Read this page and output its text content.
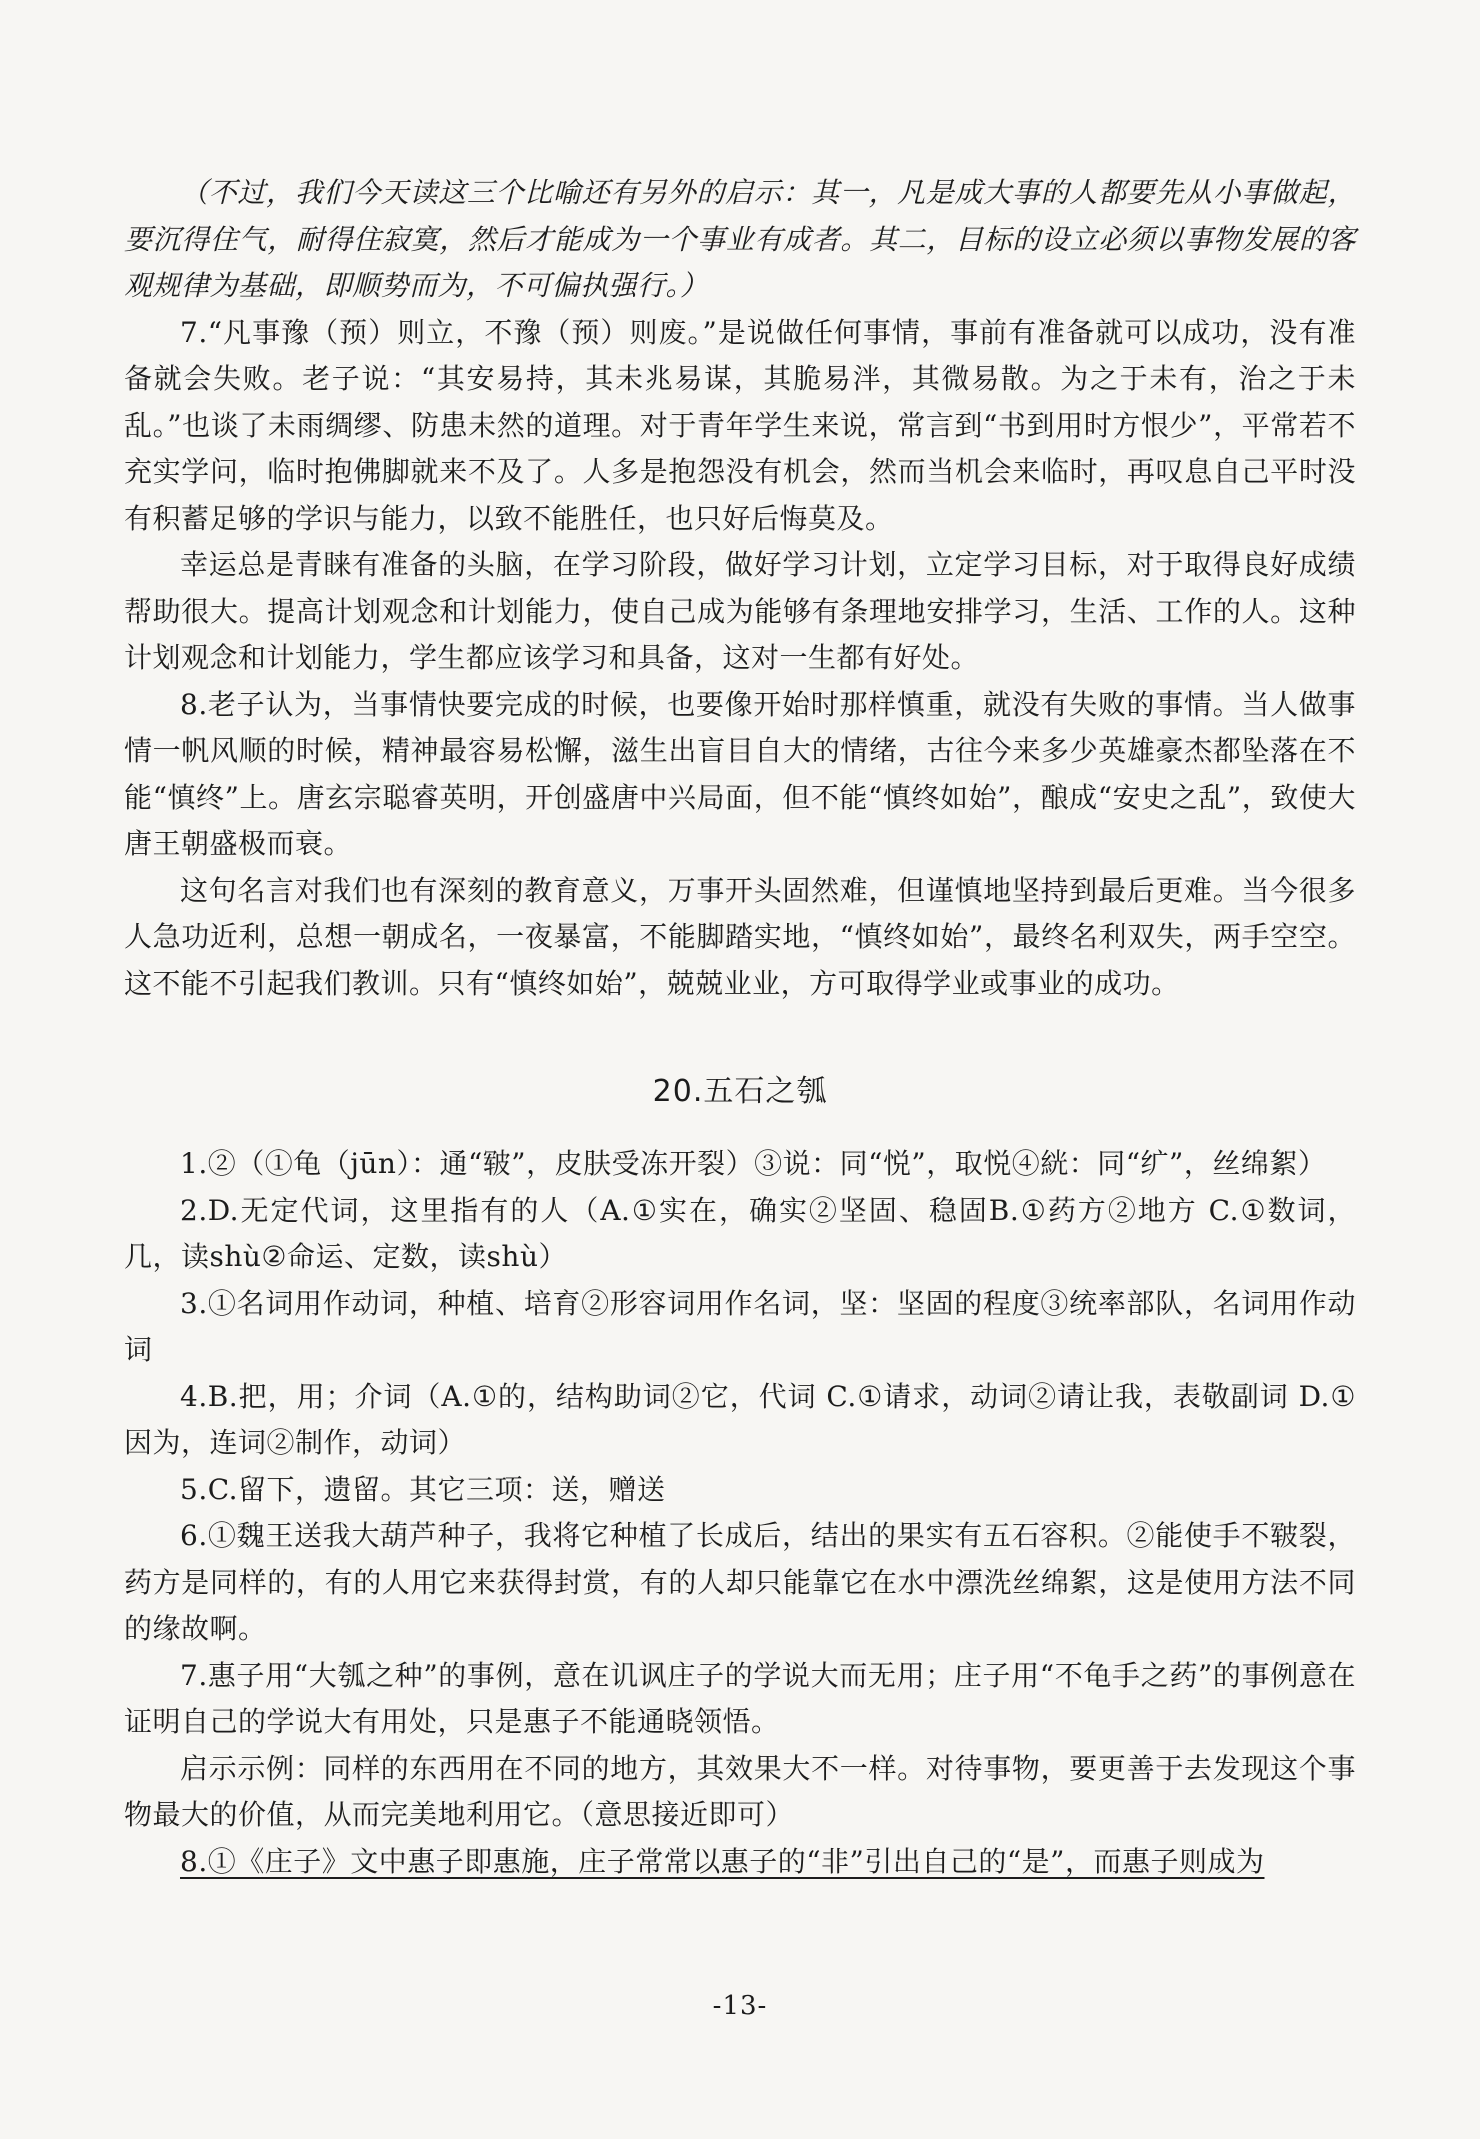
（不过，我们今天读这三个比喻还有另外的启示：其一，凡是成大事的人都要先从小事做起，要沉得住气，耐得住寂寞，然后才能成为一个事业有成者。其二，目标的设立必须以事物发展的客观规律为基础，即顺势而为，不可偏执强行。）

7.“凡事豫（预）则立，不豫（预）则废。”是说做任何事情，事前有准备就可以成功，没有准备就会失败。老子说：“其安易持，其未兆易谋，其脆易泮，其微易散。为之于未有，治之于未乱。”也谈了未雨绸缪、防患未然的道理。对于青年学生来说，常言到“书到用时方恨少”，平常若不充实学问，临时抱佛脚就来不及了。人多是抱怨没有机会，然而当机会来临时，再叹息自己平时没有积蓄足够的学识与能力，以致不能胜任，也只好后悔莫及。

幸运总是青睐有准备的头脑，在学习阶段，做好学习计划，立定学习目标，对于取得良好成绩帮助很大。提高计划观念和计划能力，使自己成为能够有条理地安排学习，生活、工作的人。这种计划观念和计划能力，学生都应该学习和具备，这对一生都有好处。

8.老子认为，当事情快要完成的时候，也要像开始时那样慎重，就没有失败的事情。当人做事情一帆风顺的时候，精神最容易松懈，滋生出盲目自大的情绪，古往今来多少英雄豪杰都坠落在不能“慎终”上。唐玄宗聪睿英明，开创盛唐中兴局面，但不能“慎终如始”，酿成“安史之乱”，致使大唐王朝盛极而衰。

这句名言对我们也有深刻的教育意义，万事开头固然难，但谨慎地坚持到最后更难。当今很多人急功近利，总想一朝成名，一夜暴富，不能脚踏实地，“慎终如始”，最终名利双失，两手空空。这不能不引起我们教训。只有“慎终如始”，兢兢业业，方可取得学业或事业的成功。

20.五石之瓠

1.②（①龟（jūn）：通“皲”，皮肤受冻开裂）③说：同“悦”，取悦④絖：同“纩”，丝绵絮）

2.D.无定代词，这里指有的人（A.①实在，确实②坚固、稳固B.①药方②地方 C.①数词，几，读shù②命运、定数，读shù）

3.①名词用作动词，种植、培育②形容词用作名词，坚：坚固的程度③统率部队，名词用作动词

4.B.把，用；介词（A.①的，结构助词②它，代词 C.①请求，动词②请让我，表敬副词 D.①因为，连词②制作，动词）

5.C.留下，遗留。其它三项：送，赠送

6.①魏王送我大葫芦种子，我将它种植了长成后，结出的果实有五石容积。②能使手不皲裂，药方是同样的，有的人用它来获得封赏，有的人却只能靠它在水中漂洗丝绵絮，这是使用方法不同的缘故啊。

7.惠子用“大瓠之种”的事例，意在讥讽庄子的学说大而无用；庄子用“不龟手之药”的事例意在证明自己的学说大有用处，只是惠子不能通晓领悟。

启示示例：同样的东西用在不同的地方，其效果大不一样。对待事物，要更善于去发现这个事物最大的价值，从而完美地利用它。（意思接近即可）

8.①《庄子》文中惠子即惠施，庄子常常以惠子的“非”引出自己的“是”，而惠子则成为

-13-
